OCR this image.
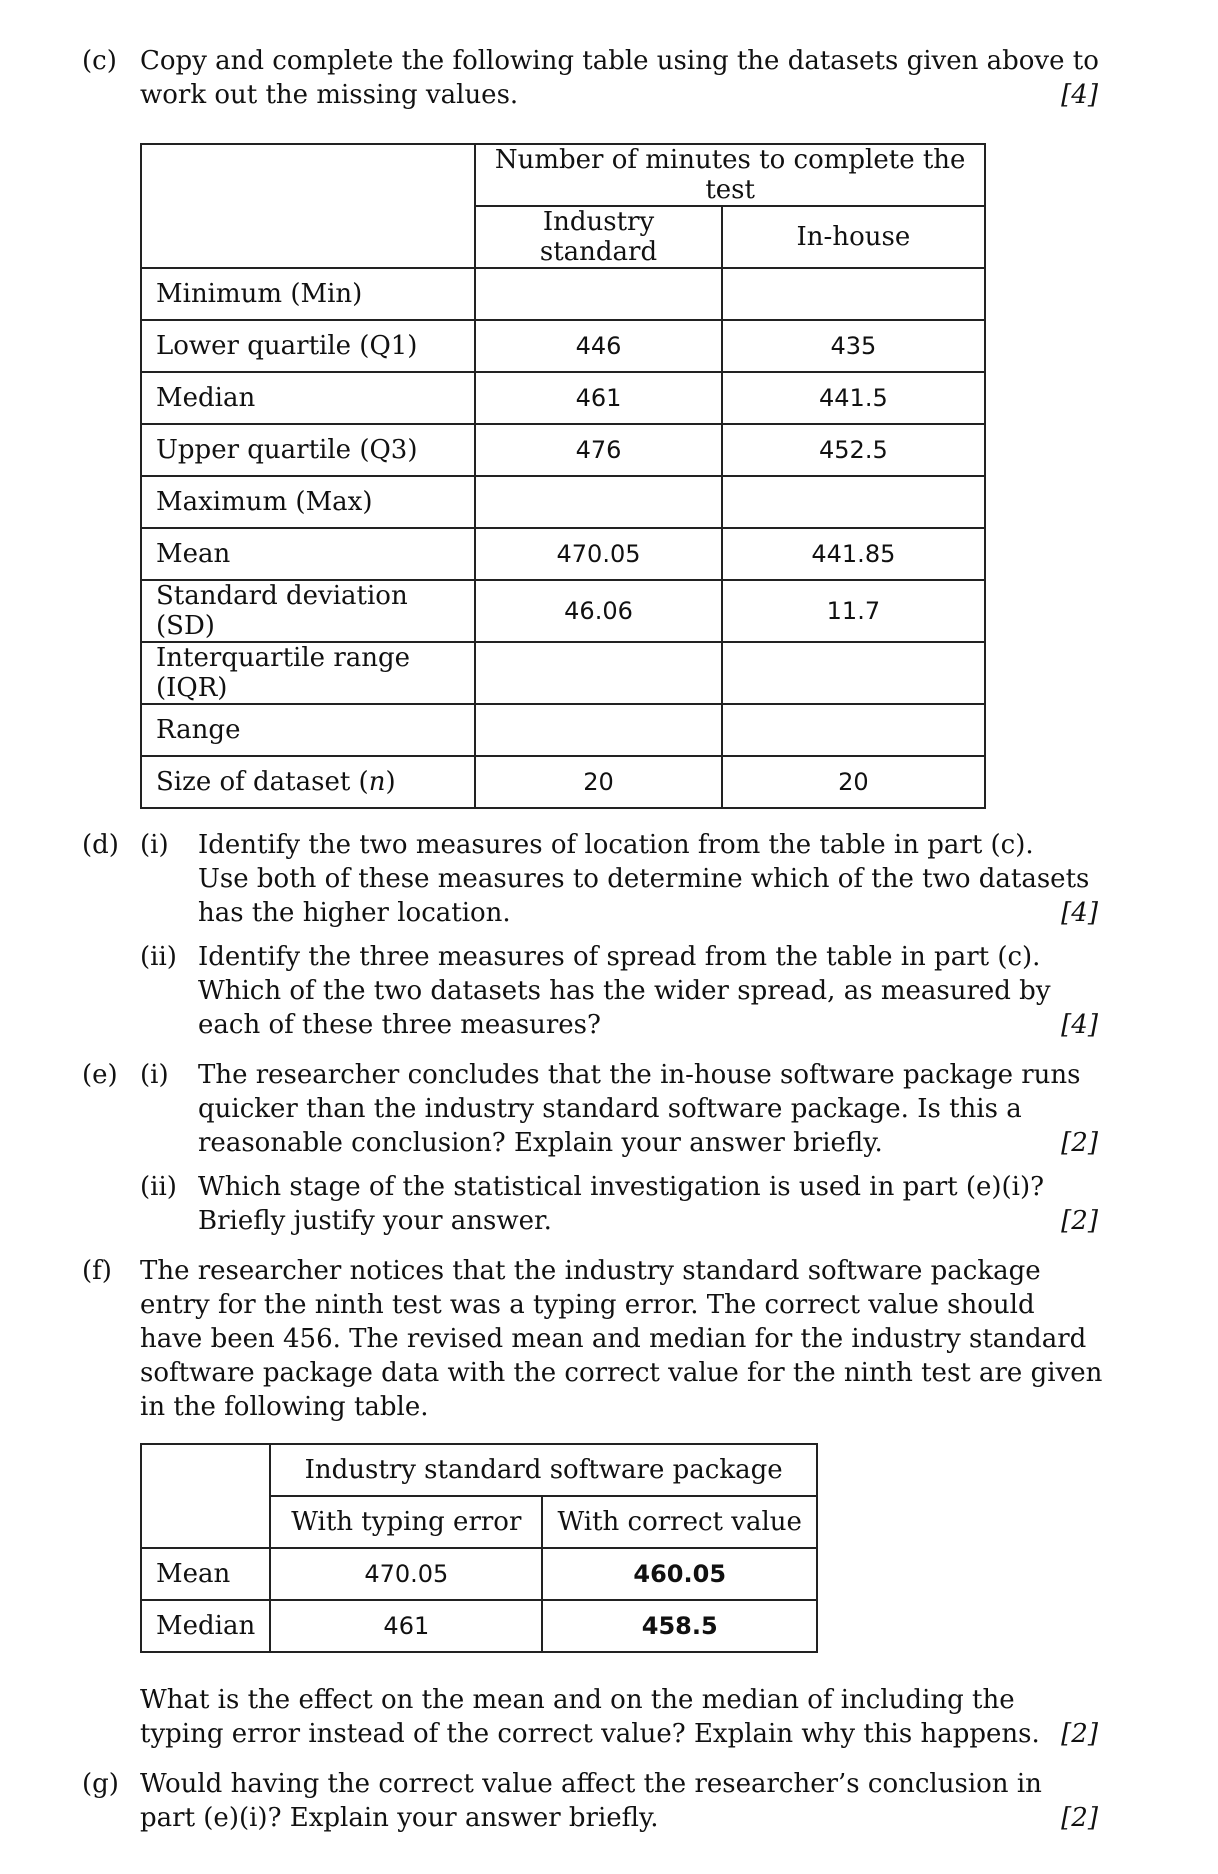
(c) Copy and complete the following table using the datasets given above to
work out the missing values.	[4]
	Number of minutes to complete the test	
	Industry standard	In-house
Minimum (Min)		
Lower quartile (Q1)	446	435
Median	461	441.5
Upper quartile (Q3)	476	452.5
Maximum (Max)		
Mean	470.05	441.85
Standard deviation (SD)	46.06	11.7
Interquartile range (IQR)		
Range		
Size of dataset (n)	20	20
(d) (i) Identify the two measures of location from the table in part (c).
Use both of these measures to determine which of the two datasets
has the higher location.	[4]
(ii) Identify the three measures of spread from the table in part (c).
Which of the two datasets has the wider spread, as measured by
each of these three measures?	[4]
(e) (i) The researcher concludes that the in-house software package runs
quicker than the industry standard software package. Is this a
reasonable conclusion? Explain your answer briefly.	[2]
(ii) Which stage of the statistical investigation is used in part (e)(i)?
Briefly justify your answer.	[2]
(f) The researcher notices that the industry standard software package
entry for the ninth test was a typing error. The correct value should
have been 456. The revised mean and median for the industry standard
software package data with the correct value for the ninth test are given
in the following table.
	Industry standard software package	
	With typing error	With correct value
Mean	470.05	460.05
Median	461	458.5
What is the effect on the mean and on the median of including the
typing error instead of the correct value? Explain why this happens. [2]
(g) Would having the correct value affect the researcher’s conclusion in
part (e)(i)? Explain your answer briefly.	[2]
